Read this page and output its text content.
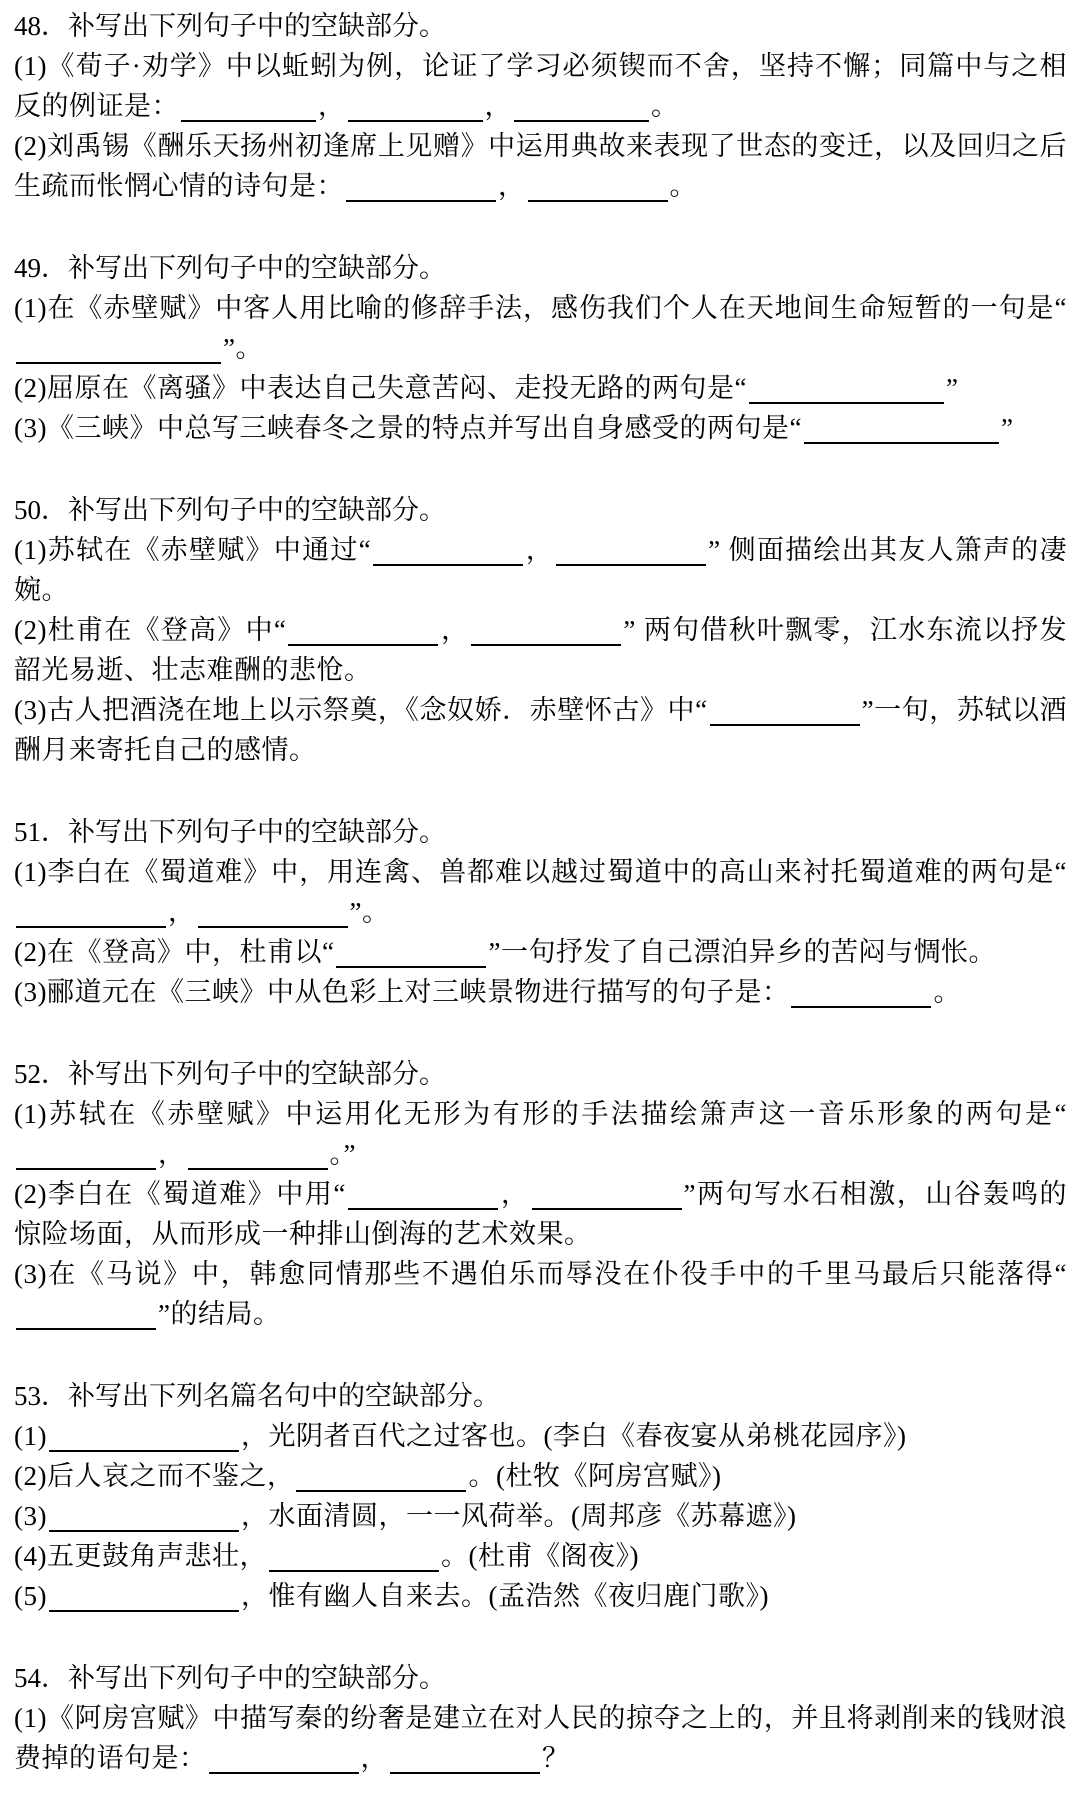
48．补写出下列句子中的空缺部分。
(1)《荀子·劝学》中以蚯蚓为例，论证了学习必须锲而不舍，坚持不懈；同篇中与之相反的例证是：	，	，	。
(2)刘禹锡《酬乐天扬州初逢席上见赠》中运用典故来表现了世态的变迁，以及回归之后生疏而怅惘心情的诗句是：	，	。
49．补写出下列句子中的空缺部分。
(1)在《赤壁赋》中客人用比喻的修辞手法，感伤我们个人在天地间生命短暂的一句是“”。
(2)屈原在《离骚》中表达自己失意苦闷、走投无路的两句是“	”
(3)《三峡》中总写三峡春冬之景的特点并写出自身感受的两句是“	”
50．补写出下列句子中的空缺部分。
(1)苏轼在《赤壁赋》中通过“	，	” 侧面描绘出其友人箫声的凄婉。
(2)杜甫在《登高》中“	，	” 两句借秋叶飘零，江水东流以抒发韶光易逝、壮志难酬的悲怆。
(3)古人把酒浇在地上以示祭奠，《念奴娇．赤壁怀古》中“	”一句，苏轼以酒酬月来寄托自己的感情。
51．补写出下列句子中的空缺部分。
(1)李白在《蜀道难》中，用连禽、兽都难以越过蜀道中的高山来衬托蜀道难的两句是“，	”。
(2)在《登高》中，杜甫以“	”一句抒发了自己漂泊异乡的苦闷与惆怅。
(3)郦道元在《三峡》中从色彩上对三峡景物进行描写的句子是：	。
52．补写出下列句子中的空缺部分。
(1)苏轼在《赤壁赋》中运用化无形为有形的手法描绘箫声这一音乐形象的两句是“，	。”
(2)李白在《蜀道难》中用“	，	”两句写水石相激，山谷轰鸣的惊险场面，从而形成一种排山倒海的艺术效果。
(3)在《马说》中，韩愈同情那些不遇伯乐而辱没在仆役手中的千里马最后只能落得“”的结局。
53．补写出下列名篇名句中的空缺部分。
(1)	，光阴者百代之过客也。(李白《春夜宴从弟桃花园序》)
(2)后人哀之而不鉴之，	。(杜牧《阿房宫赋》)
(3)	，水面清圆，一一风荷举。(周邦彦《苏幕遮》)
(4)五更鼓角声悲壮，	。(杜甫《阁夜》)
(5)	，惟有幽人自来去。(孟浩然《夜归鹿门歌》)
54．补写出下列句子中的空缺部分。
(1)《阿房宫赋》中描写秦的纷奢是建立在对人民的掠夺之上的，并且将剥削来的钱财浪费掉的语句是：	，	？
